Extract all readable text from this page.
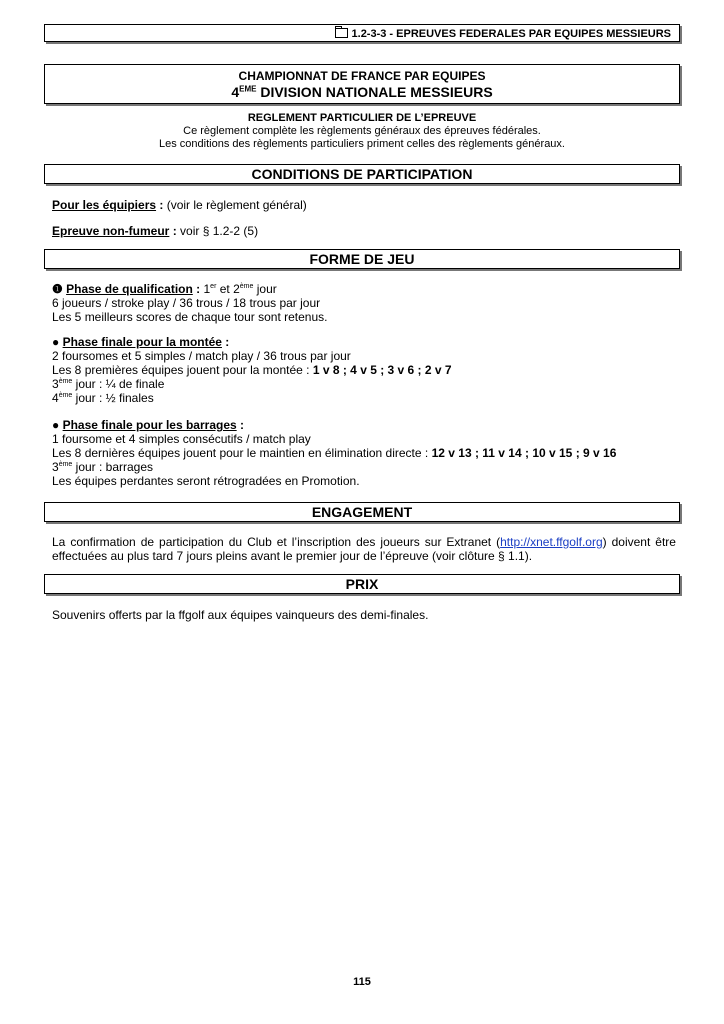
1.2-3-3 - EPREUVES FEDERALES PAR EQUIPES MESSIEURS
CHAMPIONNAT DE FRANCE PAR EQUIPES
4EME DIVISION NATIONALE MESSIEURS
REGLEMENT PARTICULIER DE L’EPREUVE
Ce règlement complète les règlements généraux des épreuves fédérales.
Les conditions des règlements particuliers priment celles des règlements généraux.
CONDITIONS DE PARTICIPATION
Pour les équipiers : (voir le règlement général)
Epreuve non-fumeur : voir § 1.2-2 (5)
FORME DE JEU
❶ Phase de qualification : 1er et 2ème jour
6 joueurs / stroke play / 36 trous / 18 trous par jour
Les 5 meilleurs scores de chaque tour sont retenus.
● Phase finale pour la montée :
2 foursomes et 5 simples / match play / 36 trous par jour
Les 8 premières équipes jouent pour la montée : 1 v 8 ; 4 v 5 ; 3 v 6 ; 2 v 7
3ème jour : ¼ de finale
4ème jour : ½ finales
● Phase finale pour les barrages :
1 foursome et 4 simples consécutifs / match play
Les 8 dernières équipes jouent pour le maintien en élimination directe : 12 v 13 ; 11 v 14 ; 10 v 15 ; 9 v 16
3ème jour : barrages
Les équipes perdantes seront rétrogradées en Promotion.
ENGAGEMENT
La confirmation de participation du Club et l’inscription des joueurs sur Extranet (http://xnet.ffgolf.org) doivent être effectuées au plus tard 7 jours pleins avant le premier jour de l’épreuve (voir clôture § 1.1).
PRIX
Souvenirs offerts par la ffgolf aux équipes vainqueurs des demi-finales.
115
